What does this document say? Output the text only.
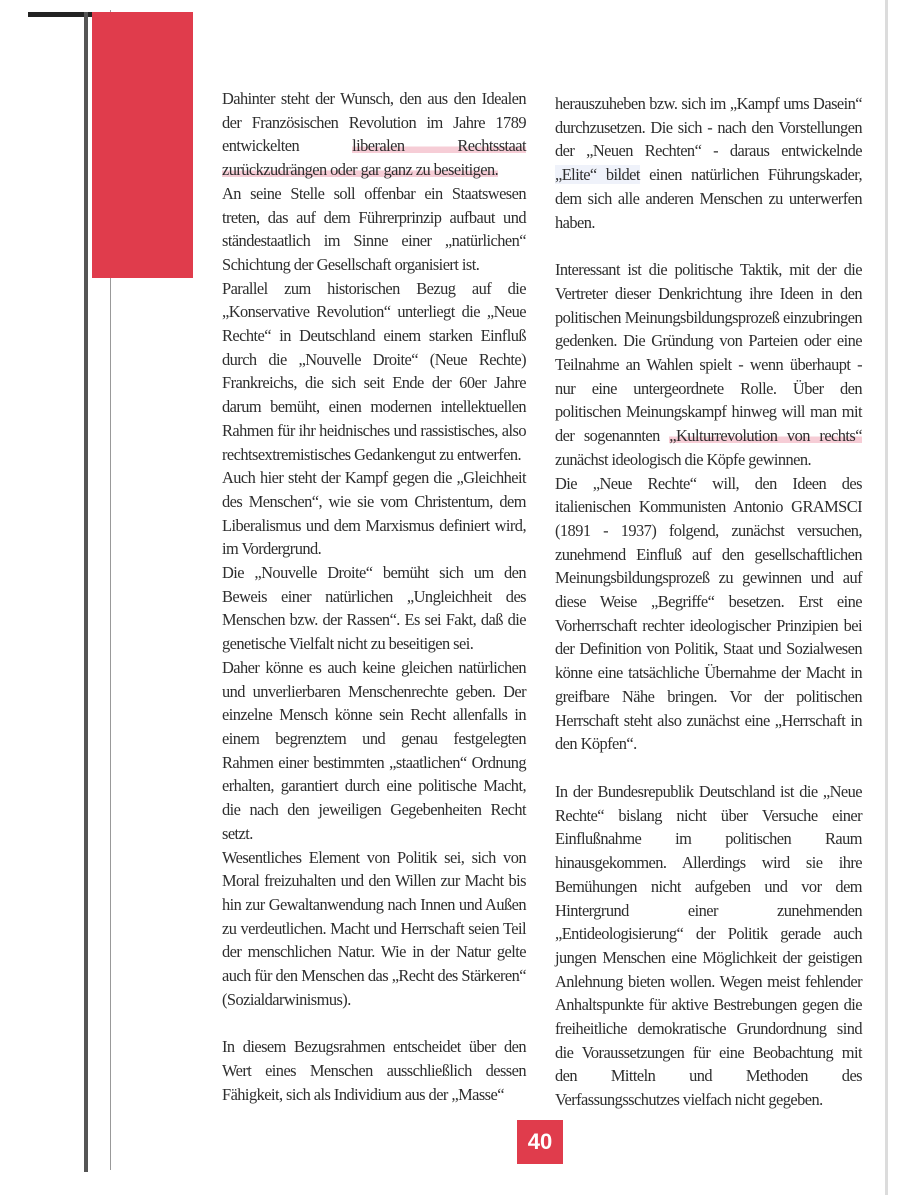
Dahinter steht der Wunsch, den aus den Idealen der Französischen Revolution im Jahre 1789 entwickelten liberalen Rechtsstaat zurückzudrängen oder gar ganz zu beseitigen.

An seine Stelle soll offenbar ein Staatswesen treten, das auf dem Führerprinzip aufbaut und ständestaatlich im Sinne einer „natürlichen“ Schichtung der Gesellschaft organisiert ist.

Parallel zum historischen Bezug auf die „Konservative Revolution“ unterliegt die „Neue Rechte“ in Deutschland einem starken Einfluß durch die „Nouvelle Droite“ (Neue Rechte) Frankreichs, die sich seit Ende der 60er Jahre darum bemüht, einen modernen intellektuellen Rahmen für ihr heidnisches und rassistisches, also rechtsextremistisches Gedankengut zu entwerfen.

Auch hier steht der Kampf gegen die „Gleichheit des Menschen“, wie sie vom Christentum, dem Liberalismus und dem Marxismus definiert wird, im Vordergrund.

Die „Nouvelle Droite“ bemüht sich um den Beweis einer natürlichen „Ungleichheit des Menschen bzw. der Rassen“. Es sei Fakt, daß die genetische Vielfalt nicht zu beseitigen sei.

Daher könne es auch keine gleichen natürlichen und unverlierbaren Menschenrechte geben. Der einzelne Mensch könne sein Recht allenfalls in einem begrenztem und genau festgelegten Rahmen einer bestimmten „staatlichen“ Ordnung erhalten, garantiert durch eine politische Macht, die nach den jeweiligen Gegebenheiten Recht setzt.

Wesentliches Element von Politik sei, sich von Moral freizuhalten und den Willen zur Macht bis hin zur Gewaltanwendung nach Innen und Außen zu verdeutlichen. Macht und Herrschaft seien Teil der menschlichen Natur. Wie in der Natur gelte auch für den Menschen das „Recht des Stärkeren“ (Sozialdarwinismus).

In diesem Bezugsrahmen entscheidet über den Wert eines Menschen ausschließlich dessen Fähigkeit, sich als Individium aus der „Masse“

herauszuheben bzw. sich im „Kampf ums Dasein“ durchzusetzen. Die sich - nach den Vorstellungen der „Neuen Rechten“ - daraus entwickelnde „Elite“ bildet einen natürlichen Führungskader, dem sich alle anderen Menschen zu unterwerfen haben.

Interessant ist die politische Taktik, mit der die Vertreter dieser Denkrichtung ihre Ideen in den politischen Meinungsbildungsprozeß einzubringen gedenken. Die Gründung von Parteien oder eine Teilnahme an Wahlen spielt - wenn überhaupt - nur eine untergeordnete Rolle. Über den politischen Meinungskampf hinweg will man mit der sogenannten „Kulturrevolution von rechts“ zunächst ideologisch die Köpfe gewinnen.

Die „Neue Rechte“ will, den Ideen des italienischen Kommunisten Antonio GRAMSCI (1891 - 1937) folgend, zunächst versuchen, zunehmend Einfluß auf den gesellschaftlichen Meinungsbildungsprozeß zu gewinnen und auf diese Weise „Begriffe“ besetzen. Erst eine Vorherrschaft rechter ideologischer Prinzipien bei der Definition von Politik, Staat und Sozialwesen könne eine tatsächliche Übernahme der Macht in greifbare Nähe bringen. Vor der politischen Herrschaft steht also zunächst eine „Herrschaft in den Köpfen“.

In der Bundesrepublik Deutschland ist die „Neue Rechte“ bislang nicht über Versuche einer Einflußnahme im politischen Raum hinausgekommen. Allerdings wird sie ihre Bemühungen nicht aufgeben und vor dem Hintergrund einer zunehmenden „Entideologisierung“ der Politik gerade auch jungen Menschen eine Möglichkeit der geistigen Anlehnung bieten wollen. Wegen meist fehlender Anhaltspunkte für aktive Bestrebungen gegen die freiheitliche demokratische Grundordnung sind die Voraussetzungen für eine Beobachtung mit den Mitteln und Methoden des Verfassungsschutzes vielfach nicht gegeben.

40
